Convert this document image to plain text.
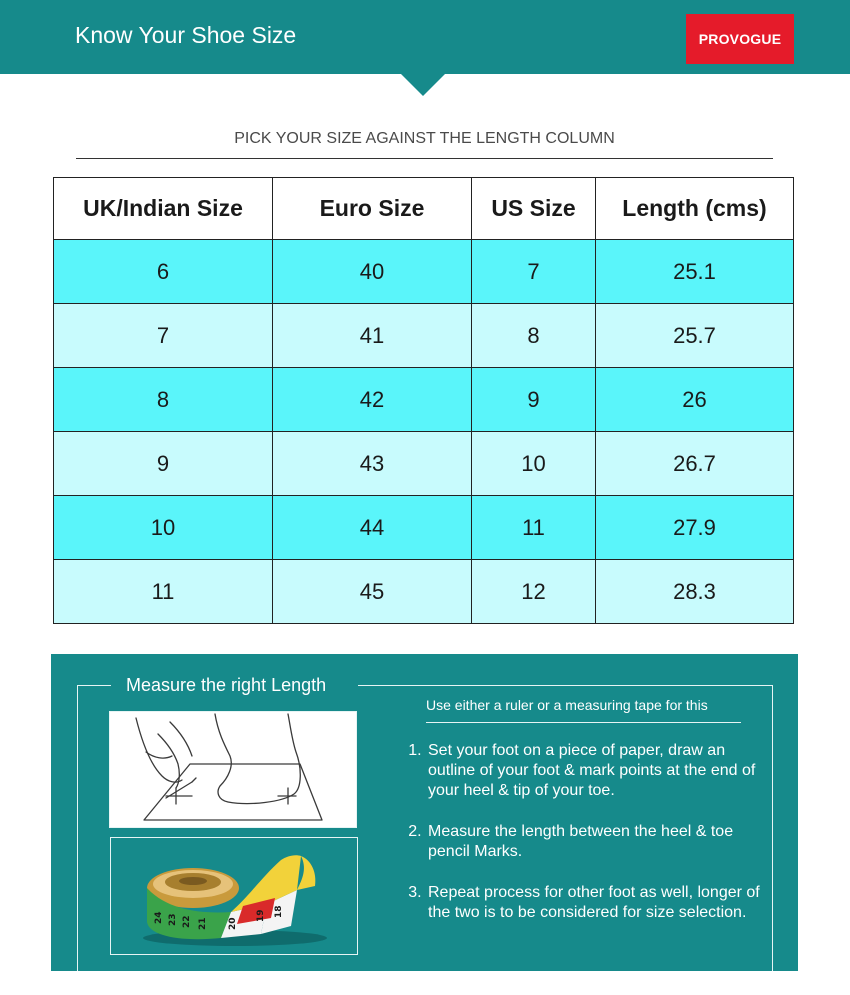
Know Your Shoe Size	PROVOGUE
PICK YOUR SIZE AGAINST THE LENGTH COLUMN
UK/Indian Size	Euro Size	US Size	Length (cms)
6	40	7	25.1
7	41	8	25.7
8	42	9	26
9	43	10	26.7
10	44	11	27.9
11	45	12	28.3
Measure the right Length
Use either a ruler or a measuring tape for this
24 23 22 21 20
19 18
1. Set your foot on a piece of paper, draw an outline of your foot & mark points at the end of your heel & tip of your toe.
2. Measure the length between the heel & toe pencil Marks.
3. Repeat process for other foot as well, longer of the two is to be considered for size selection.
